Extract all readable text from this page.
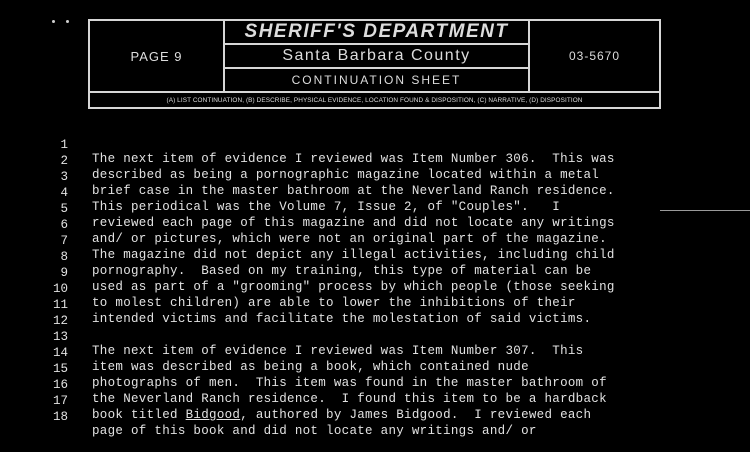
PAGE 9
SHERIFF'S DEPARTMENT
Santa Barbara County
CONTINUATION SHEET
03-5670
(A) LIST CONTINUATION, (B) DESCRIBE, PHYSICAL EVIDENCE, LOCATION FOUND & DISPOSITION, (C) NARRATIVE, (D) DISPOSITION

1

The next item of evidence I reviewed was Item Number 306.  This was

2

described as being a pornographic magazine located within a metal

3

brief case in the master bathroom at the Neverland Ranch residence.

4

This periodical was the Volume 7, Issue 2, of "Couples".   I

5

reviewed each page of this magazine and did not locate any writings

6

and/ or pictures, which were not an original part of the magazine.

7

The magazine did not depict any illegal activities, including child

8

pornography.  Based on my training, this type of material can be

9

used as part of a "grooming" process by which people (those seeking

10

to molest children) are able to lower the inhibitions of their

11

intended victims and facilitate the molestation of said victims.

12

13

The next item of evidence I reviewed was Item Number 307.  This

14

item was described as being a book, which contained nude

15

photographs of men.  This item was found in the master bathroom of

16

the Neverland Ranch residence.  I found this item to be a hardback

17

book titled Bidgood, authored by James Bidgood.  I reviewed each

18

page of this book and did not locate any writings and/ or
